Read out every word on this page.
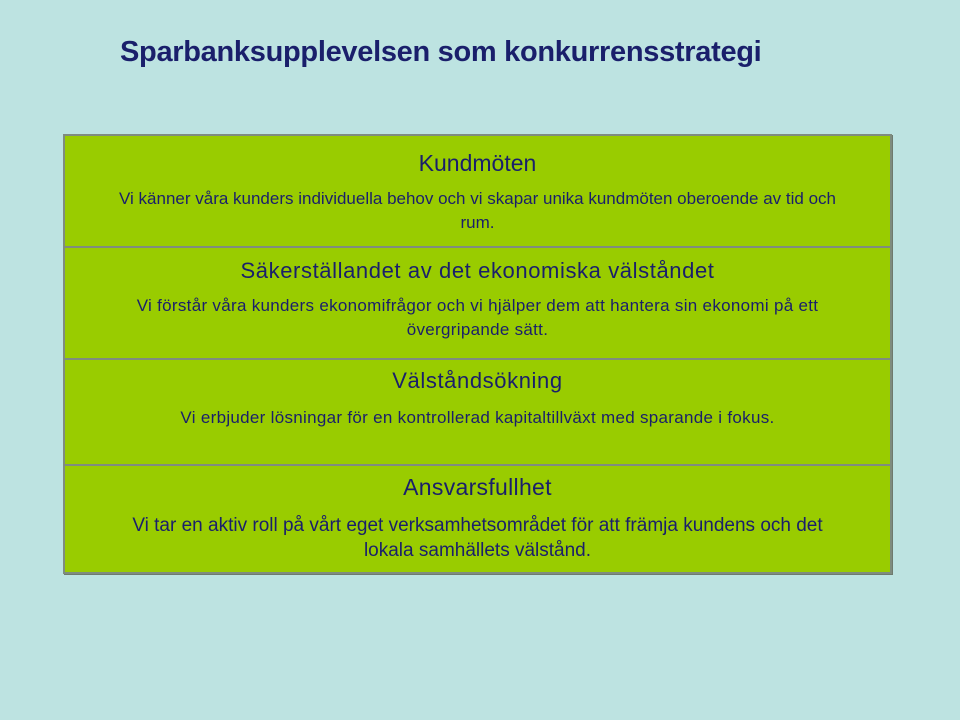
Sparbanksupplevelsen som konkurrensstrategi
Kundmöten

Vi känner våra kunders individuella behov och vi skapar unika kundmöten oberoende av tid och rum.

Säkerställandet av det ekonomiska välståndet

Vi förstår våra kunders ekonomifrågor och vi hjälper dem att hantera sin ekonomi på ett övergripande sätt.

Välståndsökning

Vi erbjuder lösningar för en kontrollerad kapitaltillväxt med sparande i fokus.

Ansvarsfullhet

Vi tar en aktiv roll på vårt eget verksamhetsområdet för att främja kundens och det lokala samhällets välstånd.
